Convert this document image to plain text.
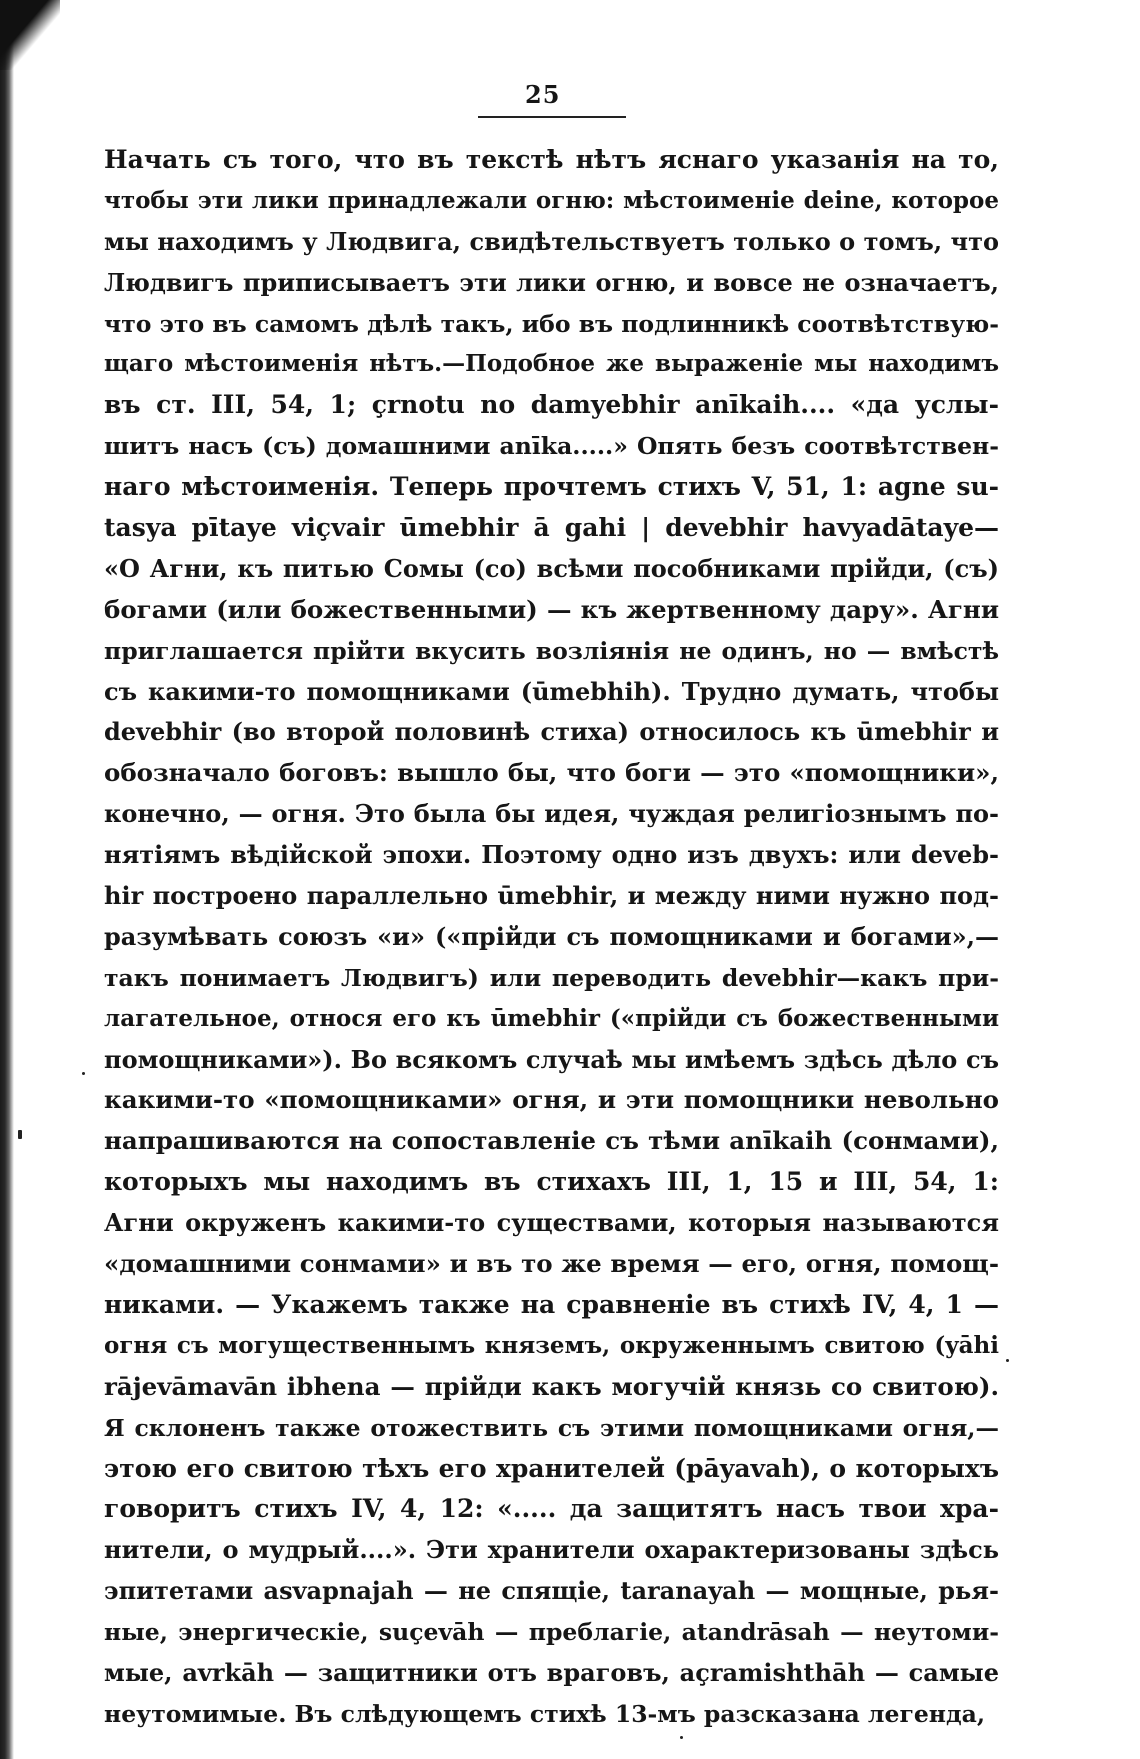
25
Начать съ того, что въ текстѣ нѣтъ яснаго указанія на то,
чтобы эти лики принадлежали огню: мѣстоименіе deine, которое
мы находимъ у Людвига, свидѣтельствуетъ только о томъ, что
Людвигъ приписываетъ эти лики огню, и вовсе не означаетъ,
что это въ самомъ дѣлѣ такъ, ибо въ подлинникѣ соотвѣтствую-
щаго мѣстоименія нѣтъ.—Подобное же выраженіе мы находимъ
въ ст. III, 54, 1; çrnotu no damyebhir anīkaih.... «да услы-
шитъ насъ (съ) домашними anīka.....» Опять безъ соотвѣтствен-
наго мѣстоименія. Теперь прочтемъ стихъ V, 51, 1: agne su-
tasya pītaye viçvair ūmebhir ā gahi | devebhir havyadātaye—
«О Агни, къ питью Сомы (со) всѣми пособниками прійди, (съ)
богами (или божественными) — къ жертвенному дару». Агни
приглашается прійти вкусить возліянія не одинъ, но — вмѣстѣ
съ какими-то помощниками (ūmebhih). Трудно думать, чтобы
devebhir (во второй половинѣ стиха) относилось къ ūmebhir и
обозначало боговъ: вышло бы, что боги — это «помощники»,
конечно, — огня. Это была бы идея, чуждая религіознымъ по-
нятіямъ вѣдійской эпохи. Поэтому одно изъ двухъ: или deveb-
hir построено параллельно ūmebhir, и между ними нужно под-
разумѣвать союзъ «и» («прійди съ помощниками и богами»,—
такъ понимаетъ Людвигъ) или переводить devebhir—какъ при-
лагательное, относя его къ ūmebhir («прійди съ божественными
помощниками»). Во всякомъ случаѣ мы имѣемъ здѣсь дѣло съ
какими-то «помощниками» огня, и эти помощники невольно
напрашиваются на сопоставленіе съ тѣми anīkaih (сонмами),
которыхъ мы находимъ въ стихахъ III, 1, 15 и III, 54, 1:
Агни окруженъ какими-то существами, которыя называются
«домашними сонмами» и въ то же время — его, огня, помощ-
никами. — Укажемъ также на сравненіе въ стихѣ IV, 4, 1 —
огня съ могущественнымъ княземъ, окруженнымъ свитою (yāhi
rājevāmavān ibhena — прійди какъ могучій князь со свитою).
Я склоненъ также отожествить съ этими помощниками огня,—
этою его свитою тѣхъ его хранителей (pāyavah), о которыхъ
говоритъ стихъ IV, 4, 12: «..... да защитятъ насъ твои хра-
нители, о мудрый....». Эти хранители охарактеризованы здѣсь
эпитетами asvapnajah — не спящіе, taranayah — мощные, рья-
ные, энергическіе, suçevāh — преблагіе, atandrāsah — неутоми-
мые, avrkāh — защитники отъ враговъ, açramishthāh — самые
неутомимые. Въ слѣдующемъ стихѣ 13-мъ разсказана легенда,
